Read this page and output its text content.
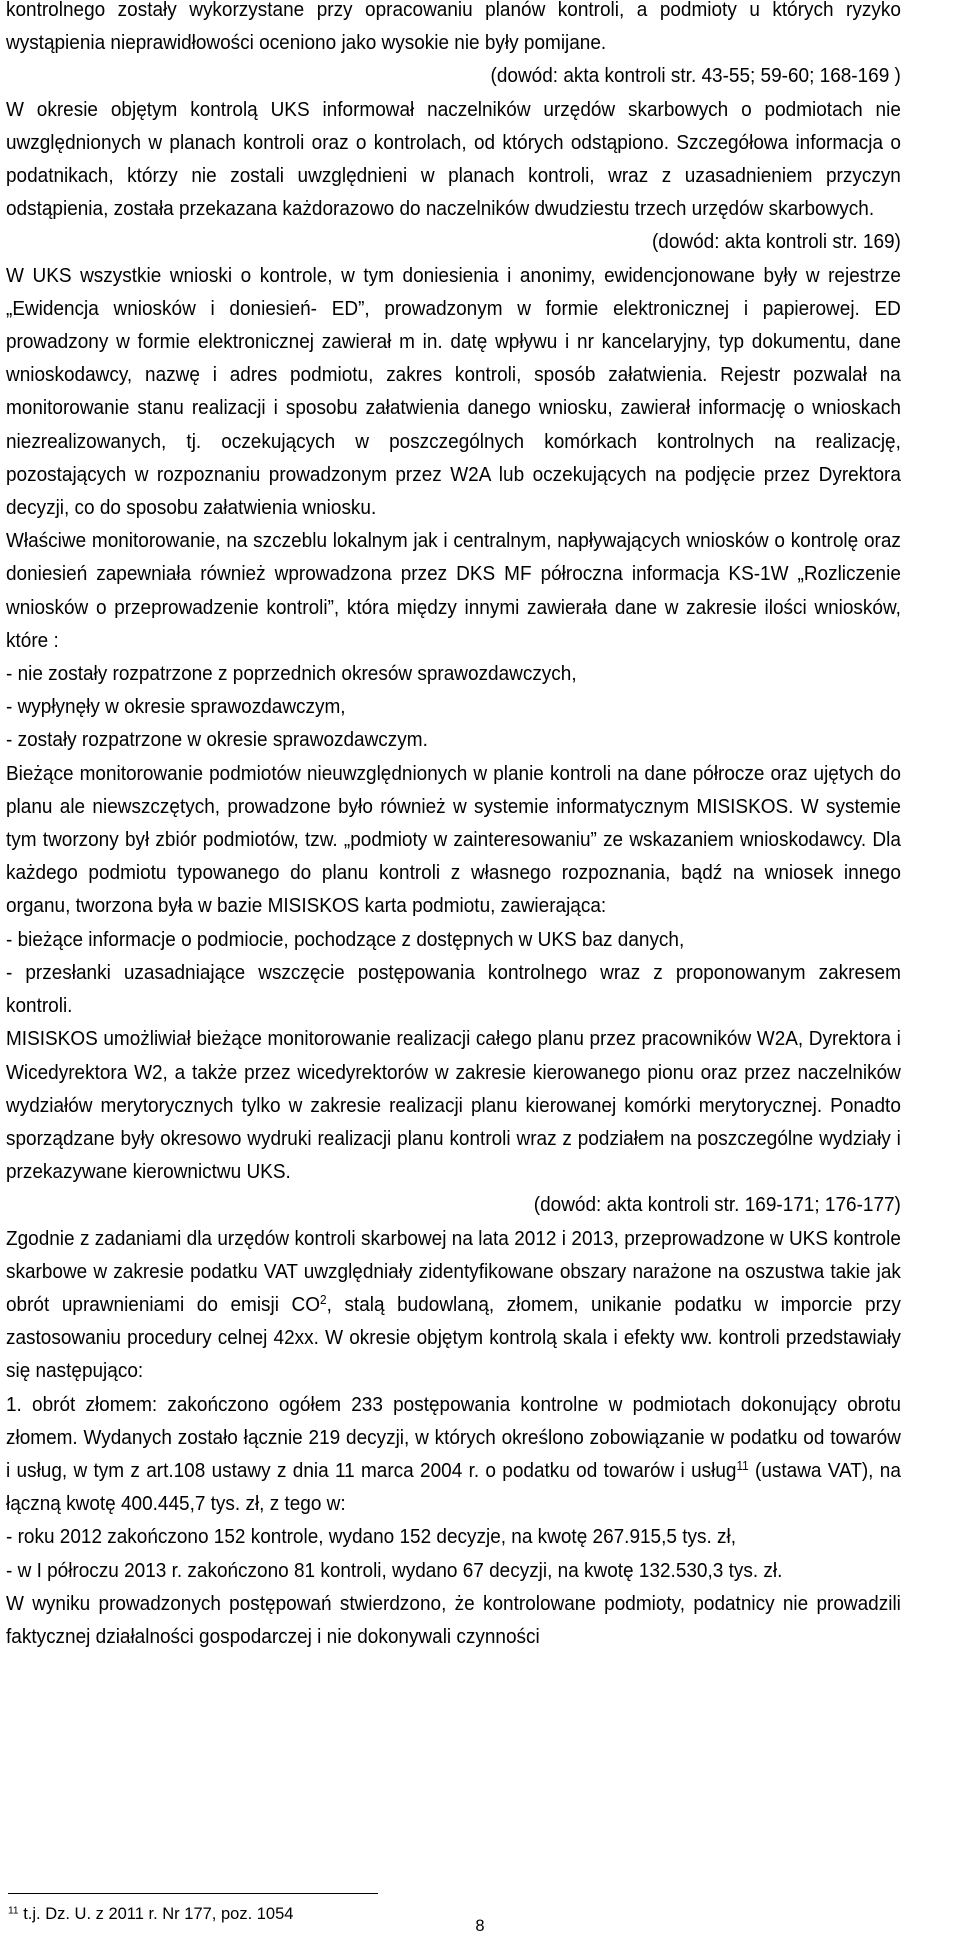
kontrolnego zostały wykorzystane przy opracowaniu planów kontroli, a podmioty u których ryzyko wystąpienia nieprawidłowości oceniono jako wysokie nie były pomijane.

(dowód: akta kontroli str. 43-55; 59-60; 168-169 )

W okresie objętym kontrolą UKS informował naczelników urzędów skarbowych o podmiotach nie uwzględnionych w planach kontroli oraz o kontrolach, od których odstąpiono. Szczegółowa informacja o podatnikach, którzy nie zostali uwzględnieni w planach kontroli, wraz z uzasadnieniem przyczyn odstąpienia, została przekazana każdorazowo do naczelników dwudziestu trzech urzędów skarbowych.

(dowód: akta kontroli str. 169)

W UKS wszystkie wnioski o kontrole, w tym doniesienia i anonimy, ewidencjonowane były w rejestrze „Ewidencja wniosków i doniesień- ED”, prowadzonym w formie elektronicznej i papierowej. ED prowadzony w formie elektronicznej zawierał m in. datę wpływu i nr kancelaryjny, typ dokumentu, dane wnioskodawcy, nazwę i adres podmiotu, zakres kontroli, sposób załatwienia. Rejestr pozwalał na monitorowanie stanu realizacji i sposobu załatwienia danego wniosku, zawierał informację o wnioskach niezrealizowanych, tj. oczekujących w poszczególnych komórkach kontrolnych na realizację, pozostających w rozpoznaniu prowadzonym przez W2A lub oczekujących na podjęcie przez Dyrektora decyzji, co do sposobu załatwienia wniosku.

Właściwe monitorowanie, na szczeblu lokalnym jak i centralnym, napływających wniosków o kontrolę oraz doniesień zapewniała również wprowadzona przez DKS MF półroczna informacja KS-1W „Rozliczenie wniosków o przeprowadzenie kontroli”, która między innymi zawierała dane w zakresie ilości wniosków, które :

- nie zostały rozpatrzone z poprzednich okresów sprawozdawczych,

- wypłynęły w okresie sprawozdawczym,

- zostały rozpatrzone w okresie sprawozdawczym.

Bieżące monitorowanie podmiotów nieuwzględnionych w planie kontroli na dane półrocze oraz ujętych do planu ale niewszczętych, prowadzone było również w systemie informatycznym MISISKOS. W systemie tym tworzony był zbiór podmiotów, tzw. „podmioty w zainteresowaniu” ze wskazaniem wnioskodawcy. Dla każdego podmiotu typowanego do planu kontroli z własnego rozpoznania, bądź na wniosek innego organu, tworzona była w bazie MISISKOS karta podmiotu, zawierająca:

- bieżące informacje o podmiocie, pochodzące z dostępnych w UKS baz danych,

- przesłanki uzasadniające wszczęcie postępowania kontrolnego wraz z proponowanym zakresem kontroli.

MISISKOS umożliwiał bieżące monitorowanie realizacji całego planu przez pracowników W2A, Dyrektora i Wicedyrektora W2, a także przez wicedyrektorów w zakresie kierowanego pionu oraz przez naczelników wydziałów merytorycznych tylko w zakresie realizacji planu kierowanej komórki merytorycznej. Ponadto sporządzane były okresowo wydruki realizacji planu kontroli wraz z podziałem na poszczególne wydziały i przekazywane kierownictwu UKS.

(dowód: akta kontroli str. 169-171; 176-177)

Zgodnie z zadaniami dla urzędów kontroli skarbowej na lata 2012 i 2013, przeprowadzone w UKS kontrole skarbowe w zakresie podatku VAT uwzględniały zidentyfikowane obszary narażone na oszustwa takie jak obrót uprawnieniami do emisji $CO^2$, stalą budowlaną, złomem, unikanie podatku w imporcie przy zastosowaniu procedury celnej 42xx. W okresie objętym kontrolą skala i efekty ww. kontroli przedstawiały się następująco:

1. obrót złomem: zakończono ogółem 233 postępowania kontrolne w podmiotach dokonujący obrotu złomem. Wydanych zostało łącznie 219 decyzji, w których określono zobowiązanie w podatku od towarów i usług, w tym z art.108 ustawy z dnia 11 marca 2004 r. o podatku od towarów i usług$^{11}$ (ustawa VAT), na łączną kwotę 400.445,7 tys. zł, z tego w:

- roku 2012 zakończono 152 kontrole, wydano 152 decyzje, na kwotę 267.915,5 tys. zł,

- w I półroczu 2013 r. zakończono 81 kontroli, wydano 67 decyzji, na kwotę 132.530,3 tys. zł.

W wyniku prowadzonych postępowań stwierdzono, że kontrolowane podmioty, podatnicy nie prowadzili faktycznej działalności gospodarczej i nie dokonywali czynności

$^{11}$ t.j. Dz. U. z 2011 r. Nr 177, poz. 1054
8
